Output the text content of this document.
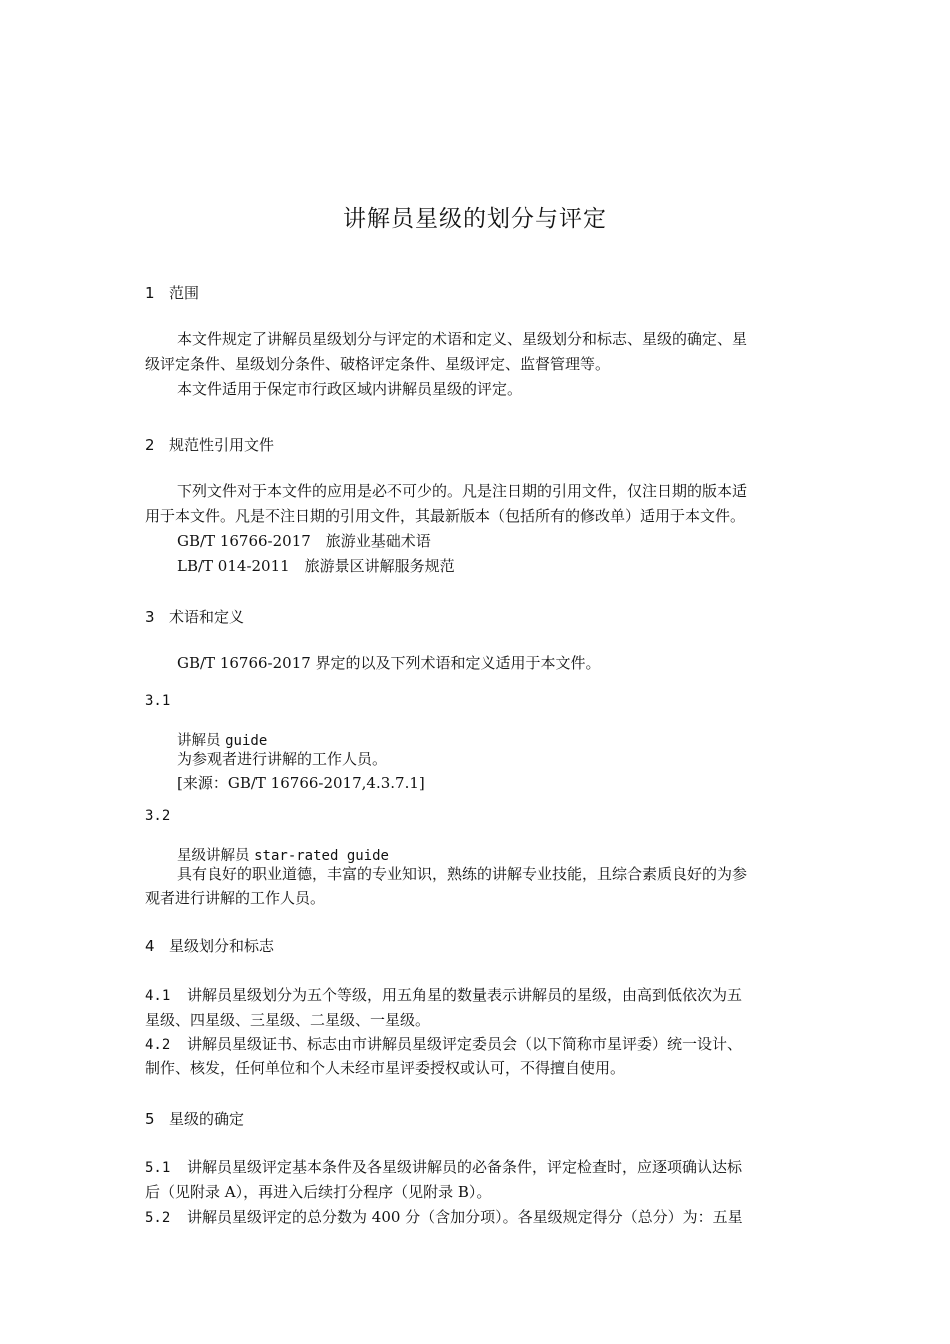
讲解员星级的划分与评定
1 范围
本文件规定了讲解员星级划分与评定的术语和定义、星级划分和标志、星级的确定、星
级评定条件、星级划分条件、破格评定条件、星级评定、监督管理等。
本文件适用于保定市行政区域内讲解员星级的评定。
2 规范性引用文件
下列文件对于本文件的应用是必不可少的。凡是注日期的引用文件，仅注日期的版本适
用于本文件。凡是不注日期的引用文件，其最新版本（包括所有的修改单）适用于本文件。
GB/T 16766-2017　旅游业基础术语
LB/T 014-2011　旅游景区讲解服务规范
3 术语和定义
GB/T 16766-2017 界定的以及下列术语和定义适用于本文件。
3.1
讲解员 guide
为参观者进行讲解的工作人员。
[来源：GB/T 16766-2017,4.3.7.1]
3.2
星级讲解员 star-rated guide
具有良好的职业道德，丰富的专业知识，熟练的讲解专业技能，且综合素质良好的为参
观者进行讲解的工作人员。
4 星级划分和标志
4.1 讲解员星级划分为五个等级，用五角星的数量表示讲解员的星级，由高到低依次为五
星级、四星级、三星级、二星级、一星级。
4.2 讲解员星级证书、标志由市讲解员星级评定委员会（以下简称市星评委）统一设计、
制作、核发，任何单位和个人未经市星评委授权或认可，不得擅自使用。
5 星级的确定
5.1 讲解员星级评定基本条件及各星级讲解员的必备条件，评定检查时，应逐项确认达标
后（见附录 A），再进入后续打分程序（见附录 B）。
5.2 讲解员星级评定的总分数为 400 分（含加分项）。各星级规定得分（总分）为：五星
